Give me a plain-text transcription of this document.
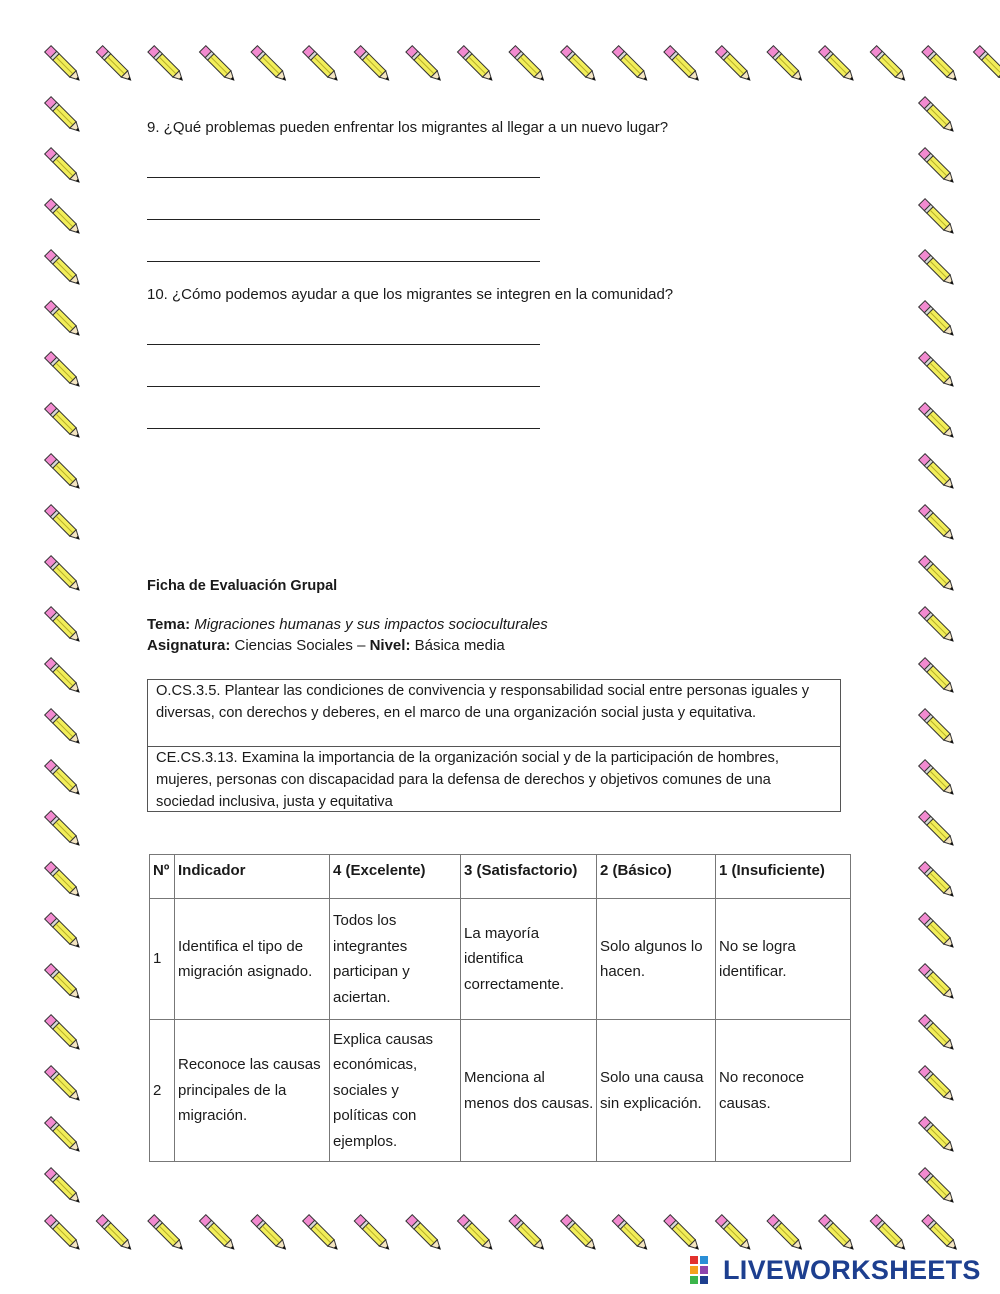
9. ¿Qué problemas pueden enfrentar los migrantes al llegar a un nuevo lugar?
10. ¿Cómo podemos ayudar a que los migrantes se integren en la comunidad?
Ficha de Evaluación Grupal
Tema: Migraciones humanas y sus impactos socioculturales
Asignatura: Ciencias Sociales – Nivel: Básica media
O.CS.3.5. Plantear las condiciones de convivencia y responsabilidad social entre personas iguales y diversas, con derechos y deberes, en el marco de una organización social justa y equitativa.
CE.CS.3.13. Examina la importancia de la organización social y de la participación de hombres, mujeres, personas con discapacidad para la defensa de derechos y objetivos comunes de una sociedad inclusiva, justa y equitativa
Nº	Indicador	4 (Excelente)	3 (Satisfactorio)	2 (Básico)	1 (Insuficiente)
1	Identifica el tipo de migración asignado.	Todos los integrantes participan y aciertan.	La mayoría identifica correctamente.	Solo algunos lo hacen.	No se logra identificar.
2	Reconoce las causas principales de la migración.	Explica causas económicas, sociales y políticas con ejemplos.	Menciona al menos dos causas.	Solo una causa sin explicación.	No reconoce causas.
LIVEWORKSHEETS
